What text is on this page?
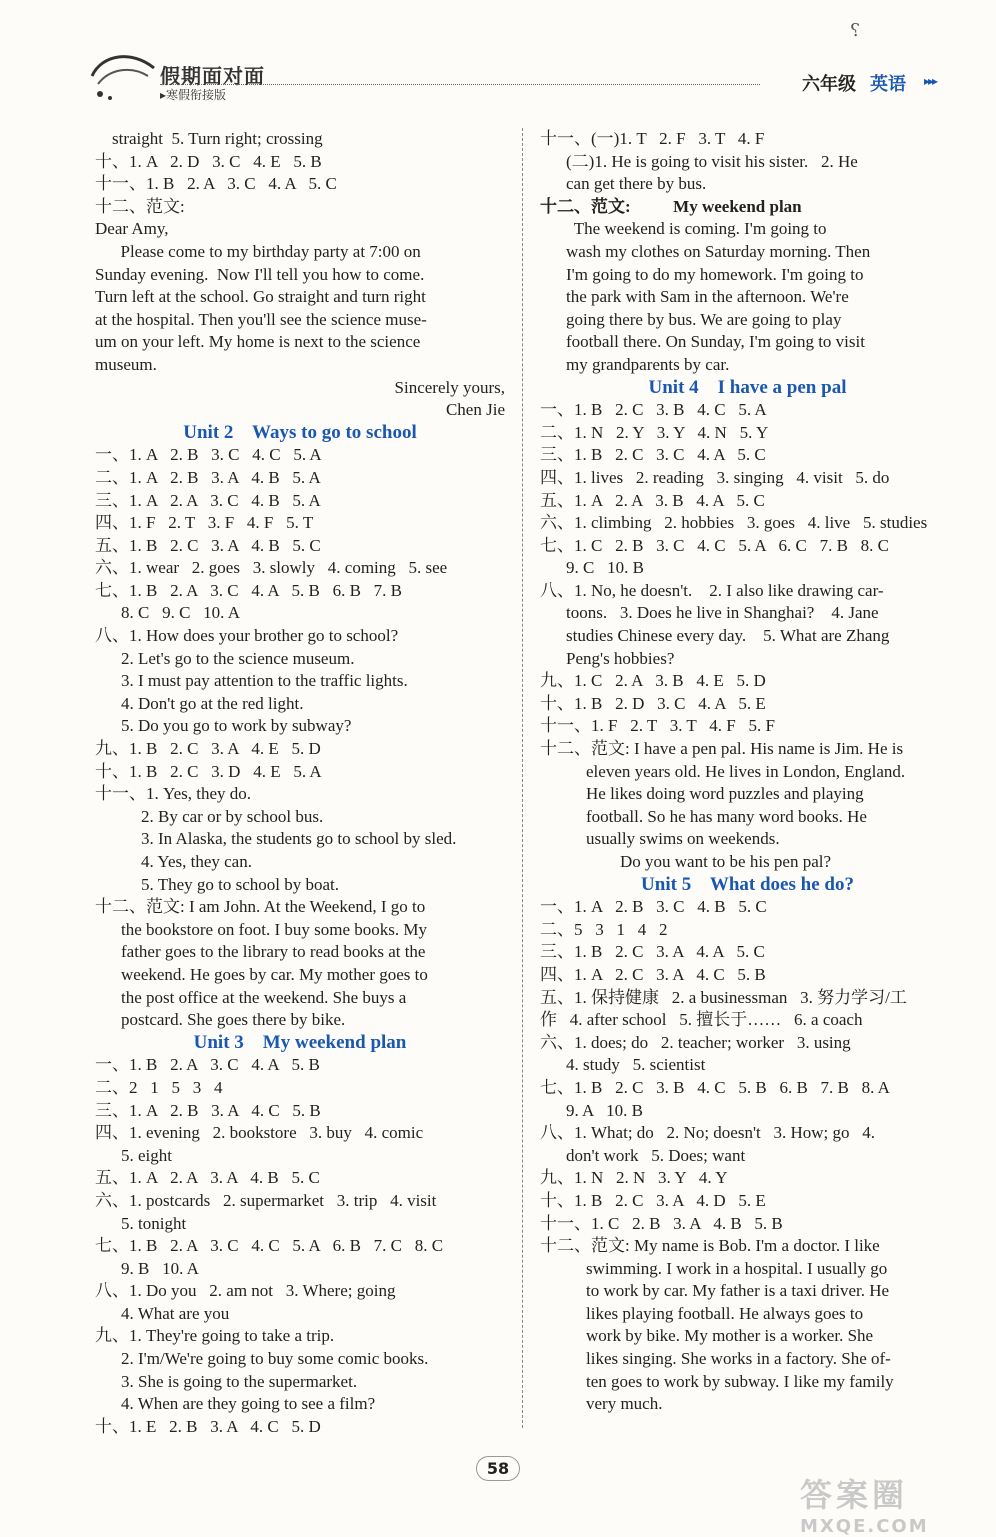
假期面对面
▸寒假衔接版
⸮
六年级 英语 ▸▸▸
straight  5. Turn right; crossing
十、1. A   2. D   3. C   4. E   5. B
十一、1. B   2. A   3. C   4. A   5. C
十二、范文:
Dear Amy,
Please come to my birthday party at 7:00 on
Sunday evening.  Now I'll tell you how to come.
Turn left at the school. Go straight and turn right
at the hospital. Then you'll see the science muse-
um on your left. My home is next to the science
museum.
Sincerely yours,
Chen Jie
Unit 2    Ways to go to school
一、1. A   2. B   3. C   4. C   5. A
二、1. A   2. B   3. A   4. B   5. A
三、1. A   2. A   3. C   4. B   5. A
四、1. F   2. T   3. F   4. F   5. T
五、1. B   2. C   3. A   4. B   5. C
六、1. wear   2. goes   3. slowly   4. coming   5. see
七、1. B   2. A   3. C   4. A   5. B   6. B   7. B
8. C   9. C   10. A
八、1. How does your brother go to school?
2. Let's go to the science museum.
3. I must pay attention to the traffic lights.
4. Don't go at the red light.
5. Do you go to work by subway?
九、1. B   2. C   3. A   4. E   5. D
十、1. B   2. C   3. D   4. E   5. A
十一、1. Yes, they do.
2. By car or by school bus.
3. In Alaska, the students go to school by sled.
4. Yes, they can.
5. They go to school by boat.
十二、范文: I am John. At the Weekend, I go to
the bookstore on foot. I buy some books. My
father goes to the library to read books at the
weekend. He goes by car. My mother goes to
the post office at the weekend. She buys a
postcard. She goes there by bike.
Unit 3    My weekend plan
一、1. B   2. A   3. C   4. A   5. B
二、2   1   5   3   4
三、1. A   2. B   3. A   4. C   5. B
四、1. evening   2. bookstore   3. buy   4. comic
5. eight
五、1. A   2. A   3. A   4. B   5. C
六、1. postcards   2. supermarket   3. trip   4. visit
5. tonight
七、1. B   2. A   3. C   4. C   5. A   6. B   7. C   8. C
9. B   10. A
八、1. Do you   2. am not   3. Where; going
4. What are you
九、1. They're going to take a trip.
2. I'm/We're going to buy some comic books.
3. She is going to the supermarket.
4. When are they going to see a film?
十、1. E   2. B   3. A   4. C   5. D
十一、(一)1. T   2. F   3. T   4. F
(二)1. He is going to visit his sister.   2. He
can get there by bus.
十二、范文:          My weekend plan
The weekend is coming. I'm going to
wash my clothes on Saturday morning. Then
I'm going to do my homework. I'm going to
the park with Sam in the afternoon. We're
going there by bus. We are going to play
football there. On Sunday, I'm going to visit
my grandparents by car.
Unit 4    I have a pen pal
一、1. B   2. C   3. B   4. C   5. A
二、1. N   2. Y   3. Y   4. N   5. Y
三、1. B   2. C   3. C   4. A   5. C
四、1. lives   2. reading   3. singing   4. visit   5. do
五、1. A   2. A   3. B   4. A   5. C
六、1. climbing   2. hobbies   3. goes   4. live   5. studies
七、1. C   2. B   3. C   4. C   5. A   6. C   7. B   8. C
9. C   10. B
八、1. No, he doesn't.    2. I also like drawing car-
toons.   3. Does he live in Shanghai?    4. Jane
studies Chinese every day.    5. What are Zhang
Peng's hobbies?
九、1. C   2. A   3. B   4. E   5. D
十、1. B   2. D   3. C   4. A   5. E
十一、1. F   2. T   3. T   4. F   5. F
十二、范文: I have a pen pal. His name is Jim. He is
eleven years old. He lives in London, England.
He likes doing word puzzles and playing
football. So he has many word books. He
usually swims on weekends.
Do you want to be his pen pal?
Unit 5    What does he do?
一、1. A   2. B   3. C   4. B   5. C
二、5   3   1   4   2
三、1. B   2. C   3. A   4. A   5. C
四、1. A   2. C   3. A   4. C   5. B
五、1. 保持健康   2. a businessman   3. 努力学习/工
作   4. after school   5. 擅长于……   6. a coach
六、1. does; do   2. teacher; worker   3. using
4. study   5. scientist
七、1. B   2. C   3. B   4. C   5. B   6. B   7. B   8. A
9. A   10. B
八、1. What; do   2. No; doesn't   3. How; go   4.
don't work   5. Does; want
九、1. N   2. N   3. Y   4. Y
十、1. B   2. C   3. A   4. D   5. E
十一、1. C   2. B   3. A   4. B   5. B
十二、范文: My name is Bob. I'm a doctor. I like
swimming. I work in a hospital. I usually go
to work by car. My father is a taxi driver. He
likes playing football. He always goes to
work by bike. My mother is a worker. She
likes singing. She works in a factory. She of-
ten goes to work by subway. I like my family
very much.
58
答案圈
MXQE.COM
